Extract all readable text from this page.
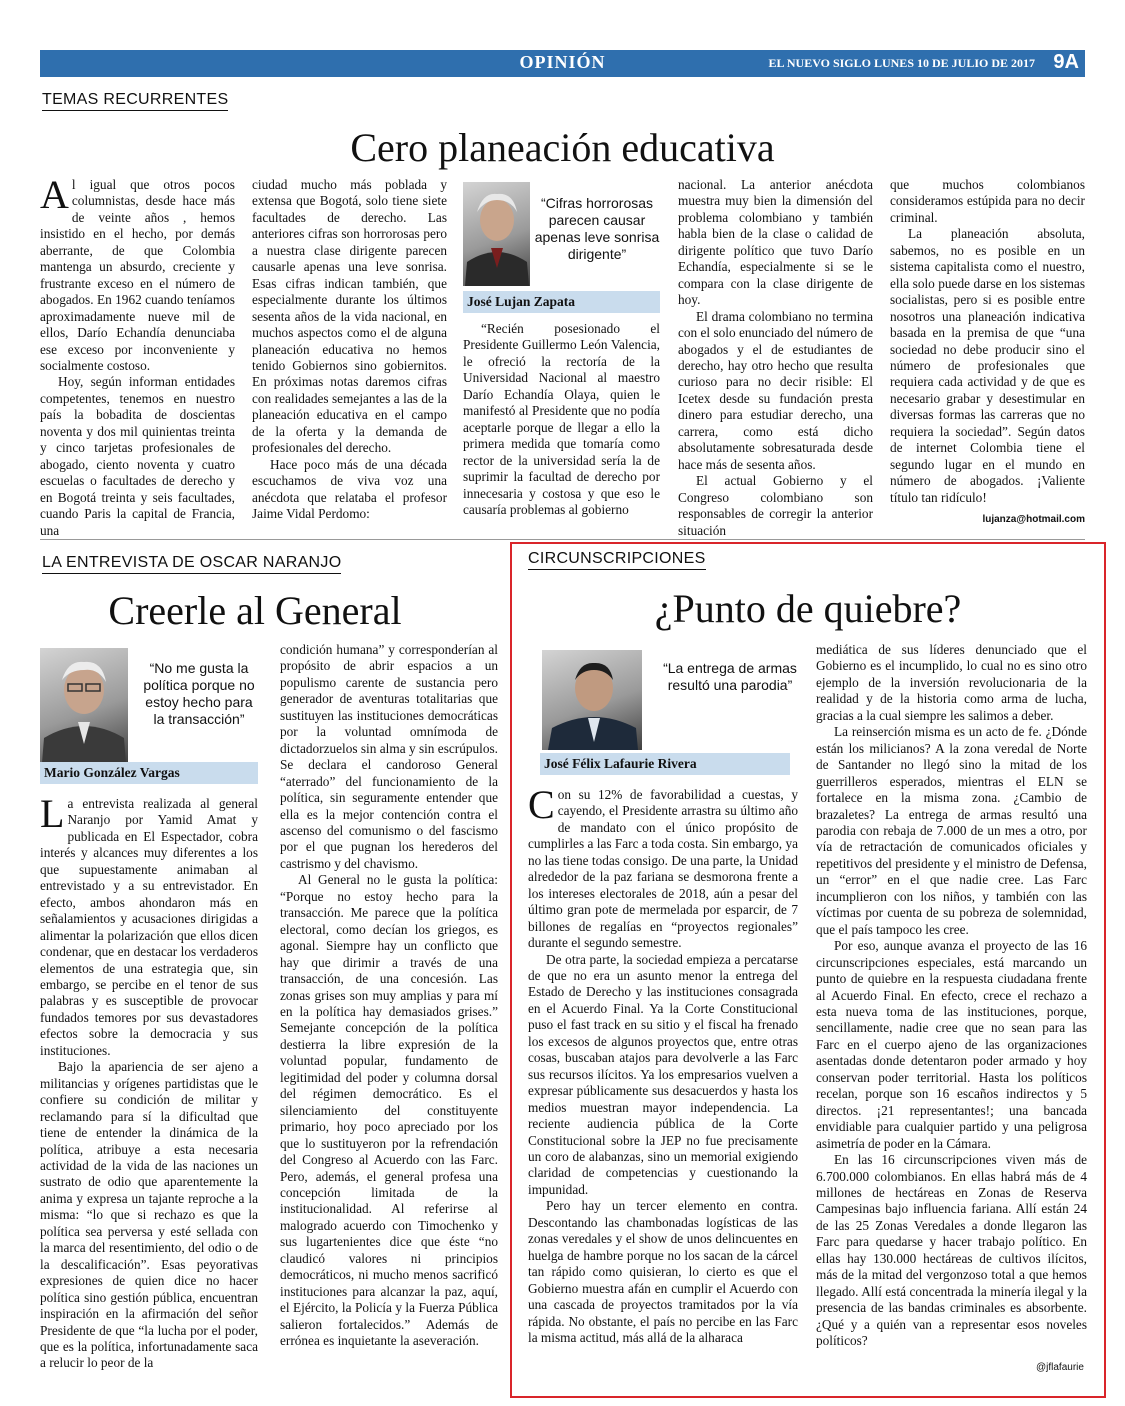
OPINIÓN	EL NUEVO SIGLO LUNES 10 DE JULIO DE 2017 9A
TEMAS RECURRENTES
Cero planeación educativa

Al igual que otros pocos columnistas, desde hace más de veinte años , hemos insistido en el hecho, por demás aberrante, de que Colombia mantenga un absurdo, creciente y frustrante exceso en el número de abogados. En 1962 cuando teníamos aproximadamente nueve mil de ellos, Darío Echandía denunciaba ese exceso por inconveniente y socialmente costoso.

Hoy, según informan entidades competentes, tenemos en nuestro país la bobadita de doscientas noventa y dos mil quinientas treinta y cinco tarjetas profesionales de abogado, ciento noventa y cuatro escuelas o facultades de derecho y en Bogotá treinta y seis facultades, cuando Paris la capital de Francia, una

ciudad mucho más poblada y extensa que Bogotá, solo tiene siete facultades de derecho. Las anteriores cifras son horrorosas pero a nuestra clase dirigente parecen causarle apenas una leve sonrisa. Esas cifras indican también, que especialmente durante los últimos sesenta años de la vida nacional, en muchos aspectos como el de alguna planeación educativa no hemos tenido Gobiernos sino gobiernitos. En próximas notas daremos cifras con realidades semejantes a las de la planeación educativa en el campo de la oferta y la demanda de profesionales del derecho.

Hace poco más de una década escuchamos de viva voz una anécdota que relataba el profesor Jaime Vidal Perdomo:

“Cifras horrorosas parecen causar apenas leve sonrisa dirigente”
José Lujan Zapata

“Recién posesionado el Presidente Guillermo León Valencia, le ofreció la rectoría de la Universidad Nacional al maestro Darío Echandía Olaya, quien le manifestó al Presidente que no podía aceptarle porque de llegar a ello la primera medida que tomaría como rector de la universidad sería la de suprimir la facultad de derecho por innecesaria y costosa y que eso le causaría problemas al gobierno

nacional. La anterior anécdota muestra muy bien la dimensión del problema colombiano y también habla bien de la clase o calidad de dirigente político que tuvo Darío Echandía, especialmente si se le compara con la clase dirigente de hoy.

El drama colombiano no termina con el solo enunciado del número de abogados y el de estudiantes de derecho, hay otro hecho que resulta curioso para no decir risible: El Icetex desde su fundación presta dinero para estudiar derecho, una carrera, como está dicho absolutamente sobresaturada desde hace más de sesenta años.

El actual Gobierno y el Congreso colombiano son responsables de corregir la anterior situación

que muchos colombianos consideramos estúpida para no decir criminal.

La planeación absoluta, sabemos, no es posible en un sistema capitalista como el nuestro, ella solo puede darse en los sistemas socialistas, pero si es posible entre nosotros una planeación indicativa basada en la premisa de que “una sociedad no debe producir sino el número de profesionales que requiera cada actividad y de que es necesario grabar y desestimular en diversas formas las carreras que no requiera la sociedad”. Según datos de internet Colombia tiene el segundo lugar en el mundo en número de abogados. ¡Valiente título tan ridículo!

lujanza@hotmail.com
LA ENTREVISTA DE OSCAR NARANJO
Creerle al General
“No me gusta la política porque no estoy hecho para la transacción”
Mario González Vargas

La entrevista realizada al general Naranjo por Yamid Amat y publicada en El Espectador, cobra interés y alcances muy diferentes a los que supuestamente animaban al entrevistado y a su entrevistador. En efecto, ambos ahondaron más en señalamientos y acusaciones dirigidas a alimentar la polarización que ellos dicen condenar, que en destacar los verdaderos elementos de una estrategia que, sin embargo, se percibe en el tenor de sus palabras y es susceptible de provocar fundados temores por sus devastadores efectos sobre la democracia y sus instituciones.

Bajo la apariencia de ser ajeno a militancias y orígenes partidistas que le confiere su condición de militar y reclamando para sí la dificultad que tiene de entender la dinámica de la política, atribuye a esta necesaria actividad de la vida de las naciones un sustrato de odio que aparentemente la anima y expresa un tajante reproche a la misma: “lo que si rechazo es que la política sea perversa y esté sellada con la marca del resentimiento, del odio o de la descalificación”. Esas peyorativas expresiones de quien dice no hacer política sino gestión pública, encuentran inspiración en la afirmación del señor Presidente de que “la lucha por el poder, que es la política, infortunadamente saca a relucir lo peor de la

condición humana” y corresponderían al propósito de abrir espacios a un populismo carente de sustancia pero generador de aventuras totalitarias que sustituyen las instituciones democráticas por la voluntad omnímoda de dictadorzuelos sin alma y sin escrúpulos. Se declara el candoroso General “aterrado” del funcionamiento de la política, sin seguramente entender que ella es la mejor contención contra el ascenso del comunismo o del fascismo por el que pugnan los herederos del castrismo y del chavismo.

Al General no le gusta la política: “Porque no estoy hecho para la transacción. Me parece que la política electoral, como decían los griegos, es agonal. Siempre hay un conflicto que hay que dirimir a través de una transacción, de una concesión. Las zonas grises son muy amplias y para mí en la política hay demasiados grises.” Semejante concepción de la política destierra la libre expresión de la voluntad popular, fundamento de legitimidad del poder y columna dorsal del régimen democrático. Es el silenciamiento del constituyente primario, hoy poco apreciado por los que lo sustituyeron por la refrendación del Congreso al Acuerdo con las Farc. Pero, además, el general profesa una concepción limitada de la institucionalidad. Al referirse al malogrado acuerdo con Timochenko y sus lugartenientes dice que éste “no claudicó valores ni principios democráticos, ni mucho menos sacrificó instituciones para alcanzar la paz, aquí, el Ejército, la Policía y la Fuerza Pública salieron fortalecidos.” Además de errónea es inquietante la aseveración.

CIRCUNSCRIPCIONES
¿Punto de quiebre?
“La entrega de armas resultó una parodia”
José Félix Lafaurie Rivera

Con su 12% de favorabilidad a cuestas, y cayendo, el Presidente arrastra su último año de mandato con el único propósito de cumplirles a las Farc a toda costa. Sin embargo, ya no las tiene todas consigo. De una parte, la Unidad alrededor de la paz fariana se desmorona frente a los intereses electorales de 2018, aún a pesar del último gran pote de mermelada por esparcir, de 7 billones de regalías en “proyectos regionales” durante el segundo semestre.

De otra parte, la sociedad empieza a percatarse de que no era un asunto menor la entrega del Estado de Derecho y las instituciones consagrada en el Acuerdo Final. Ya la Corte Constitucional puso el fast track en su sitio y el fiscal ha frenado los excesos de algunos proyectos que, entre otras cosas, buscaban atajos para devolverle a las Farc sus recursos ilícitos. Ya los empresarios vuelven a expresar públicamente sus desacuerdos y hasta los medios muestran mayor independencia. La reciente audiencia pública de la Corte Constitucional sobre la JEP no fue precisamente un coro de alabanzas, sino un memorial exigiendo claridad de competencias y cuestionando la impunidad.

Pero hay un tercer elemento en contra. Descontando las chambonadas logísticas de las zonas veredales y el show de unos delincuentes en huelga de hambre porque no los sacan de la cárcel tan rápido como quisieran, lo cierto es que el Gobierno muestra afán en cumplir el Acuerdo con una cascada de proyectos tramitados por la vía rápida. No obstante, el país no percibe en las Farc la misma actitud, más allá de la alharaca

mediática de sus líderes denunciado que el Gobierno es el incumplido, lo cual no es sino otro ejemplo de la inversión revolucionaria de la realidad y de la historia como arma de lucha, gracias a la cual siempre les salimos a deber.

La reinserción misma es un acto de fe. ¿Dónde están los milicianos? A la zona veredal de Norte de Santander no llegó sino la mitad de los guerrilleros esperados, mientras el ELN se fortalece en la misma zona. ¿Cambio de brazaletes? La entrega de armas resultó una parodia con rebaja de 7.000 de un mes a otro, por vía de retractación de comunicados oficiales y repetitivos del presidente y el ministro de Defensa, un “error” en el que nadie cree. Las Farc incumplieron con los niños, y también con las víctimas por cuenta de su pobreza de solemnidad, que el país tampoco les cree.

Por eso, aunque avanza el proyecto de las 16 circunscripciones especiales, está marcando un punto de quiebre en la respuesta ciudadana frente al Acuerdo Final. En efecto, crece el rechazo a esta nueva toma de las instituciones, porque, sencillamente, nadie cree que no sean para las Farc en el cuerpo ajeno de las organizaciones asentadas donde detentaron poder armado y hoy conservan poder territorial. Hasta los políticos recelan, porque son 16 escaños indirectos y 5 directos. ¡21 representantes!; una bancada envidiable para cualquier partido y una peligrosa asimetría de poder en la Cámara.

En las 16 circunscripciones viven más de 6.700.000 colombianos. En ellas habrá más de 4 millones de hectáreas en Zonas de Reserva Campesinas bajo influencia fariana. Allí están 24 de las 25 Zonas Veredales a donde llegaron las Farc para quedarse y hacer trabajo político. En ellas hay 130.000 hectáreas de cultivos ilícitos, más de la mitad del vergonzoso total a que hemos llegado. Allí está concentrada la minería ilegal y la presencia de las bandas criminales es absorbente. ¿Qué y a quién van a representar esos noveles políticos?

@jflafaurie
